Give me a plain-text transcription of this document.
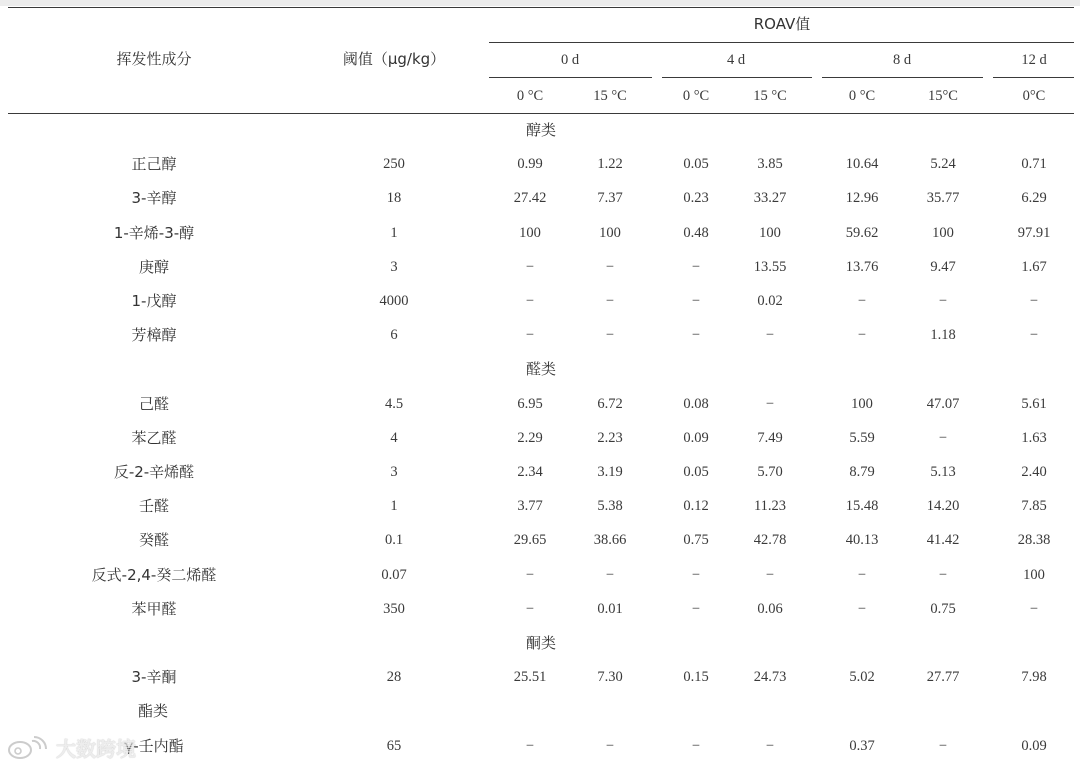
挥发性成分	阈值（μg/kg）
ROAV值
0 d	4 d	8 d	12 d
0 °C	15 °C	0 °C	15 °C	0 °C	15°C	0°C
醇类
正己醇	250	0.99	1.22	0.05	3.85	10.64	5.24	0.71
3-辛醇	18	27.42	7.37	0.23	33.27	12.96	35.77	6.29
1-辛烯-3-醇	1	100	100	0.48	100	59.62	100	97.91
庚醇	3	−	−	−	13.55	13.76	9.47	1.67
1-戊醇	4000	−	−	−	0.02	−	−	−
芳樟醇	6	−	−	−	−	−	1.18	−
醛类
己醛	4.5	6.95	6.72	0.08	−	100	47.07	5.61
苯乙醛	4	2.29	2.23	0.09	7.49	5.59	−	1.63
反-2-辛烯醛	3	2.34	3.19	0.05	5.70	8.79	5.13	2.40
壬醛	1	3.77	5.38	0.12	11.23	15.48	14.20	7.85
癸醛	0.1	29.65	38.66	0.75	42.78	40.13	41.42	28.38
反式-2,4-癸二烯醛	0.07	−	−	−	−	−	−	100
苯甲醛	350	−	0.01	−	0.06	−	0.75	−
酮类
3-辛酮	28	25.51	7.30	0.15	24.73	5.02	27.77	7.98
酯类
γ-壬内酯	65	−	−	−	−	0.37	−	0.09
大数跨境
